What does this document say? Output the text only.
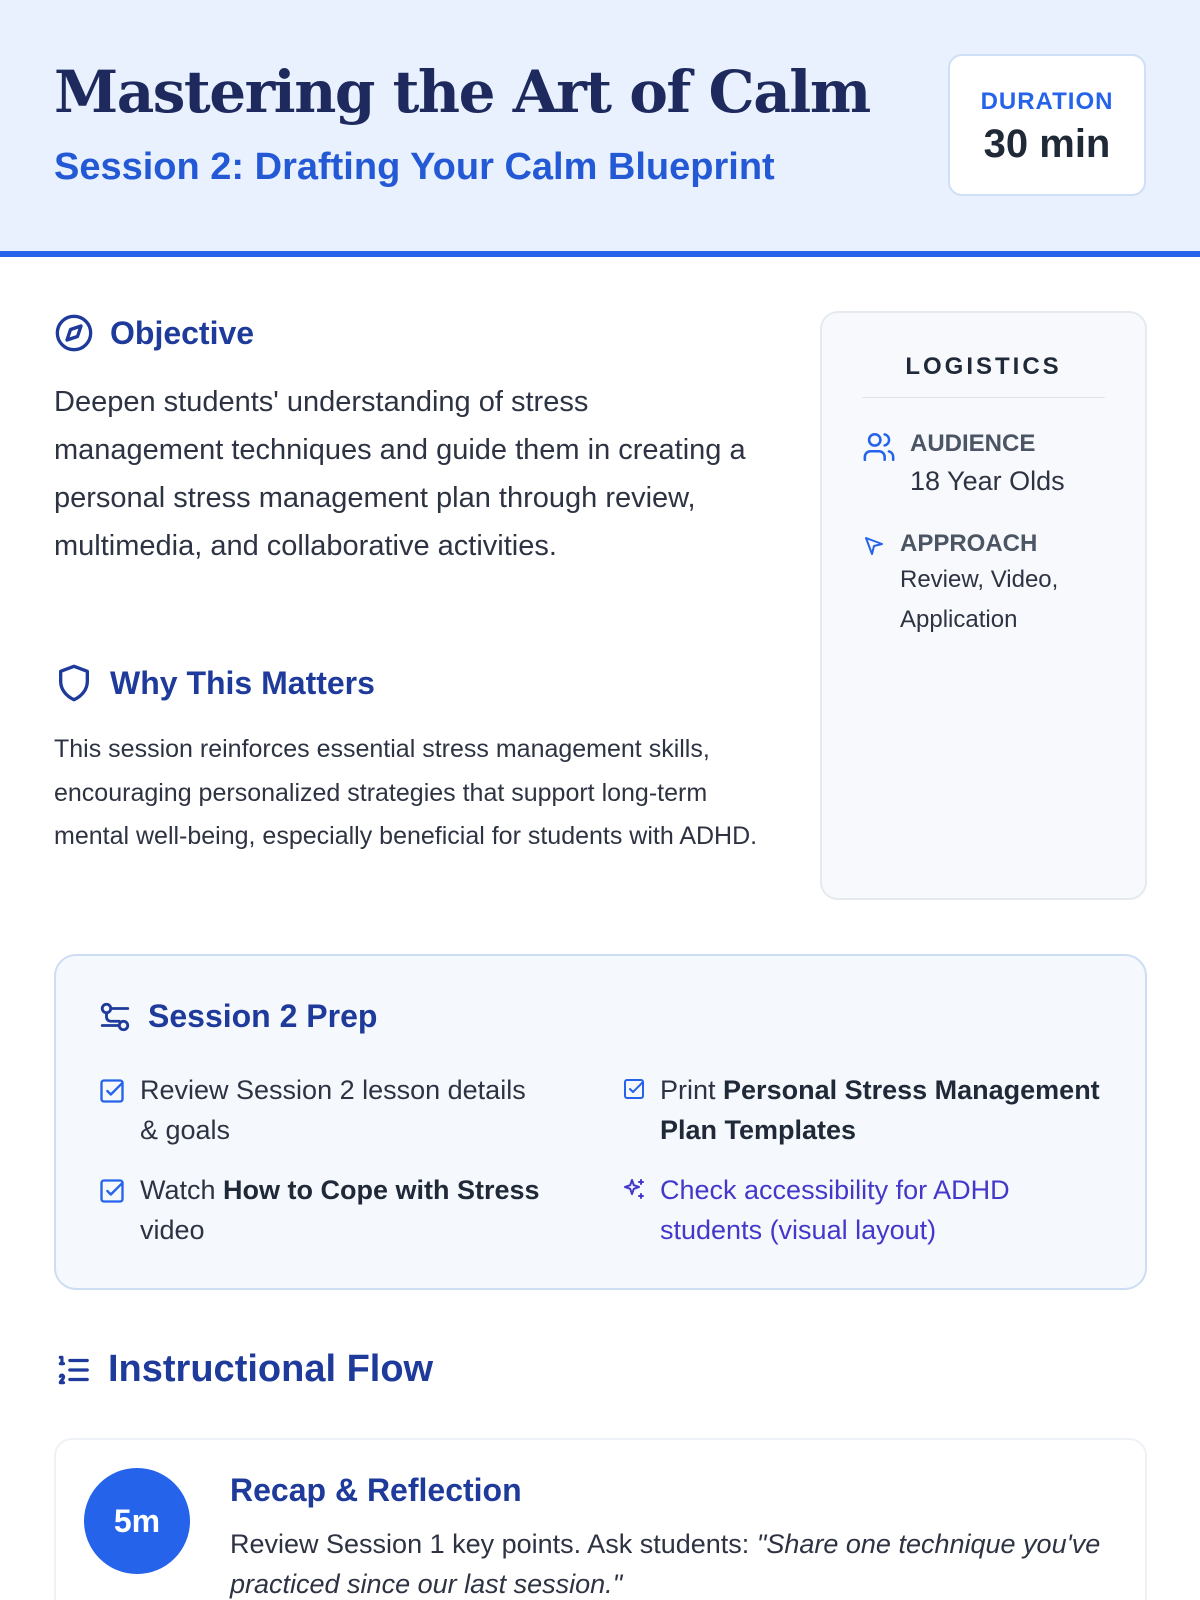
Mastering the Art of Calm
Session 2: Drafting Your Calm Blueprint
DURATION
30 min
Objective
Deepen students' understanding of stress management techniques and guide them in creating a personal stress management plan through review, multimedia, and collaborative activities.
Why This Matters
This session reinforces essential stress management skills, encouraging personalized strategies that support long-term mental well-being, especially beneficial for students with ADHD.
LOGISTICS
AUDIENCE
18 Year Olds
APPROACH
Review, Video, Application
Session 2 Prep
Review Session 2 lesson details & goals
Print Personal Stress Management Plan Templates
Watch How to Cope with Stress video
Check accessibility for ADHD students (visual layout)
Instructional Flow
5m
Recap & Reflection
Review Session 1 key points. Ask students: "Share one technique you've practiced since our last session."
